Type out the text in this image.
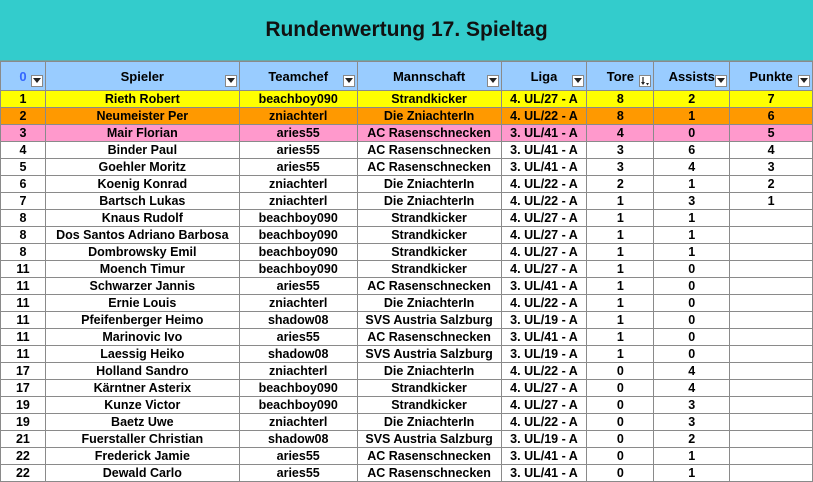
Rundenwertung 17. Spieltag
0	Spieler	Teamchef	Mannschaft	Liga	Tore	Assists	Punkte

1	Rieth Robert	beachboy090	Strandkicker	4. UL/27 - A	8	2	7
2	Neumeister Per	zniachterl	Die ZniachterIn	4. UL/22 - A	8	1	6
3	Mair Florian	aries55	AC Rasenschnecken	3. UL/41 - A	4	0	5
4	Binder Paul	aries55	AC Rasenschnecken	3. UL/41 - A	3	6	4
5	Goehler Moritz	aries55	AC Rasenschnecken	3. UL/41 - A	3	4	3
6	Koenig Konrad	zniachterl	Die ZniachterIn	4. UL/22 - A	2	1	2
7	Bartsch Lukas	zniachterl	Die ZniachterIn	4. UL/22 - A	1	3	1
8	Knaus Rudolf	beachboy090	Strandkicker	4. UL/27 - A	1	1	
8	Dos Santos Adriano Barbosa	beachboy090	Strandkicker	4. UL/27 - A	1	1	
8	Dombrowsky Emil	beachboy090	Strandkicker	4. UL/27 - A	1	1	
11	Moench Timur	beachboy090	Strandkicker	4. UL/27 - A	1	0	
11	Schwarzer Jannis	aries55	AC Rasenschnecken	3. UL/41 - A	1	0	
11	Ernie Louis	zniachterl	Die ZniachterIn	4. UL/22 - A	1	0	
11	Pfeifenberger Heimo	shadow08	SVS Austria Salzburg	3. UL/19 - A	1	0	
11	Marinovic Ivo	aries55	AC Rasenschnecken	3. UL/41 - A	1	0	
11	Laessig Heiko	shadow08	SVS Austria Salzburg	3. UL/19 - A	1	0	
17	Holland Sandro	zniachterl	Die ZniachterIn	4. UL/22 - A	0	4	
17	Kärntner Asterix	beachboy090	Strandkicker	4. UL/27 - A	0	4	
19	Kunze Victor	beachboy090	Strandkicker	4. UL/27 - A	0	3	
19	Baetz Uwe	zniachterl	Die ZniachterIn	4. UL/22 - A	0	3	
21	Fuerstaller Christian	shadow08	SVS Austria Salzburg	3. UL/19 - A	0	2	
22	Frederick Jamie	aries55	AC Rasenschnecken	3. UL/41 - A	0	1	
22	Dewald Carlo	aries55	AC Rasenschnecken	3. UL/41 - A	0	1	
